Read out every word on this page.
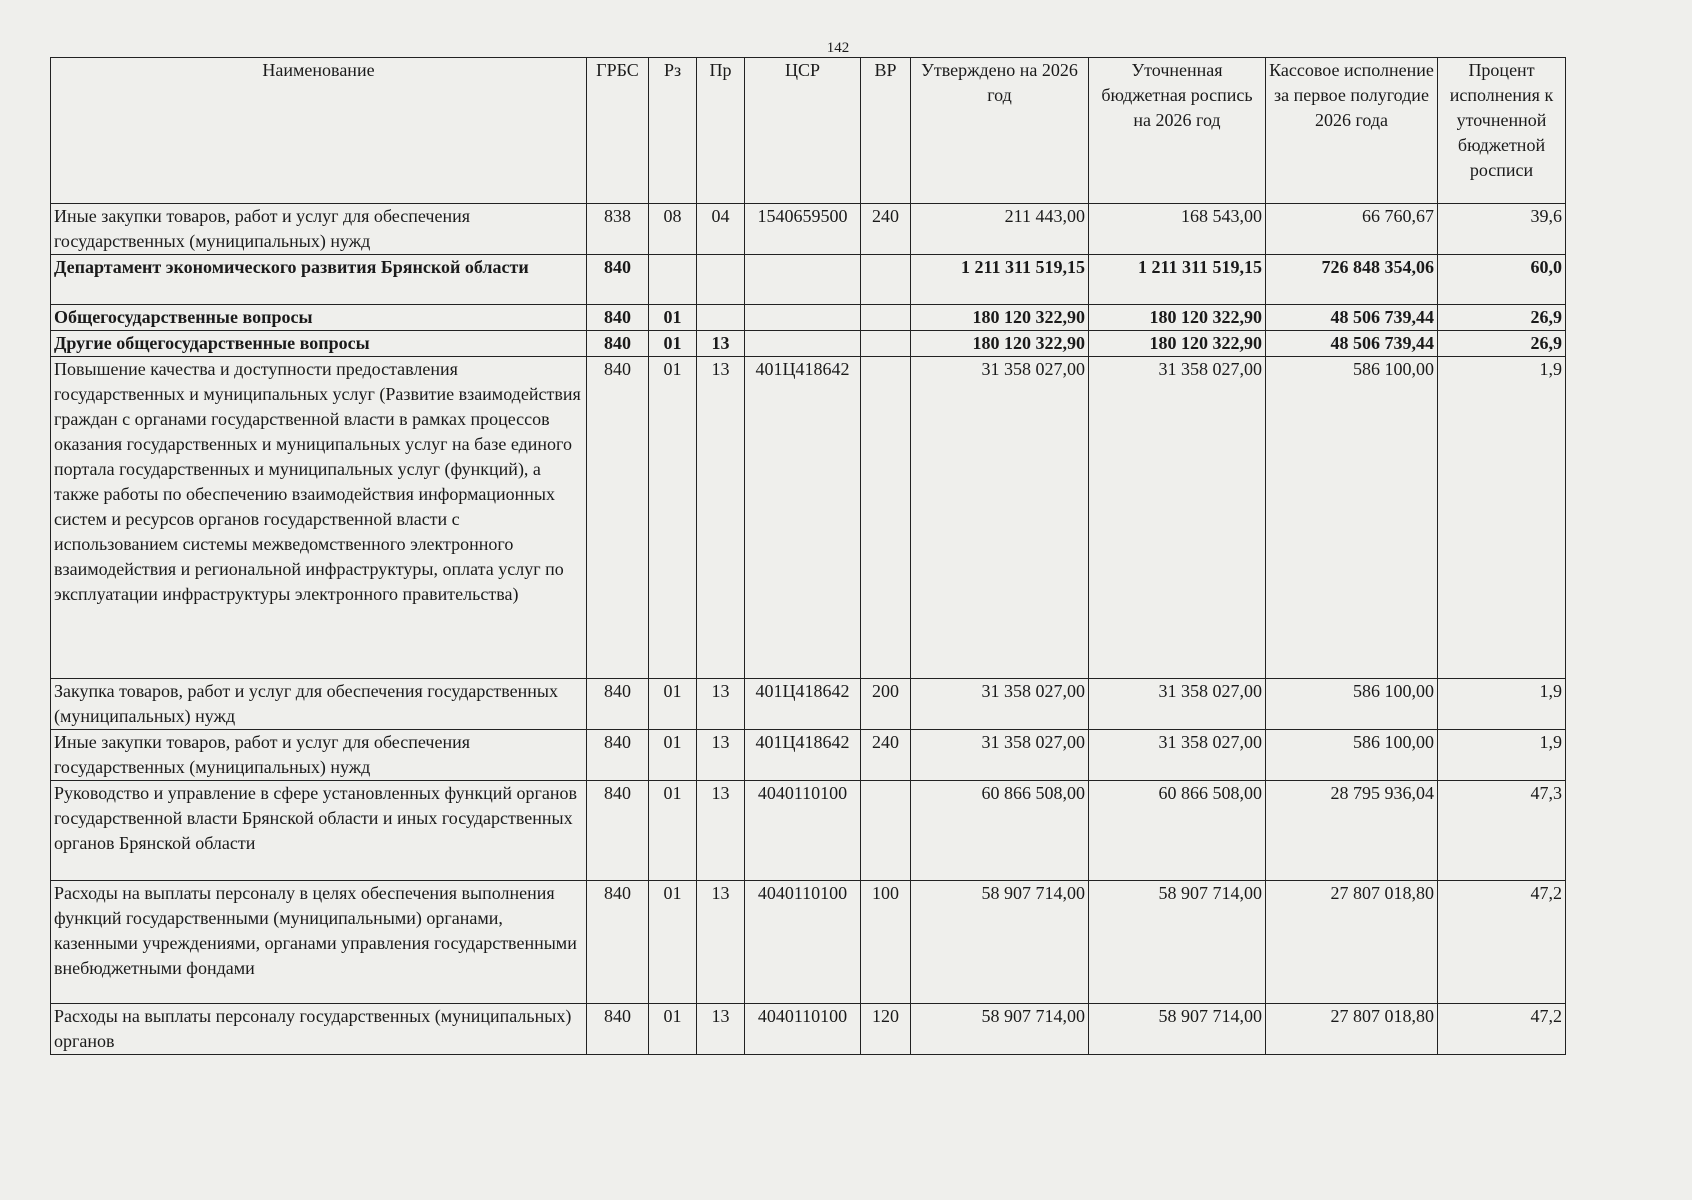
142
Наименование	ГРБС	Рз	Пр	ЦСР	ВР	Утверждено на 2026 год	Уточненная бюджетная роспись на 2026 год	Кассовое исполнение за первое полугодие 2026 года	Процент исполнения к уточненной бюджетной росписи
Иные закупки товаров, работ и услуг для обеспечения государственных (муниципальных) нужд	838	08	04	1540659500	240	211 443,00	168 543,00	66 760,67	39,6
Департамент экономического развития Брянской области	840					1 211 311 519,15	1 211 311 519,15	726 848 354,06	60,0
Общегосударственные вопросы	840	01				180 120 322,90	180 120 322,90	48 506 739,44	26,9
Другие общегосударственные вопросы	840	01	13			180 120 322,90	180 120 322,90	48 506 739,44	26,9
Повышение качества и доступности предоставления государственных и муниципальных услуг (Развитие взаимодействия граждан с органами государственной власти в рамках процессов оказания государственных и муниципальных услуг на базе единого портала государственных и муниципальных услуг (функций), а также работы по обеспечению взаимодействия информационных систем и ресурсов органов государственной власти с использованием системы межведомственного электронного взаимодействия и региональной инфраструктуры, оплата услуг по эксплуатации инфраструктуры электронного правительства)	840	01	13	401Ц418642		31 358 027,00	31 358 027,00	586 100,00	1,9
Закупка товаров, работ и услуг для обеспечения государственных (муниципальных) нужд	840	01	13	401Ц418642	200	31 358 027,00	31 358 027,00	586 100,00	1,9
Иные закупки товаров, работ и услуг для обеспечения государственных (муниципальных) нужд	840	01	13	401Ц418642	240	31 358 027,00	31 358 027,00	586 100,00	1,9
Руководство и управление в сфере установленных функций органов государственной власти Брянской области и иных государственных органов Брянской области	840	01	13	4040110100		60 866 508,00	60 866 508,00	28 795 936,04	47,3
Расходы на выплаты персоналу в целях обеспечения выполнения функций государственными (муниципальными) органами, казенными учреждениями, органами управления государственными внебюджетными фондами	840	01	13	4040110100	100	58 907 714,00	58 907 714,00	27 807 018,80	47,2
Расходы на выплаты персоналу государственных (муниципальных) органов	840	01	13	4040110100	120	58 907 714,00	58 907 714,00	27 807 018,80	47,2
